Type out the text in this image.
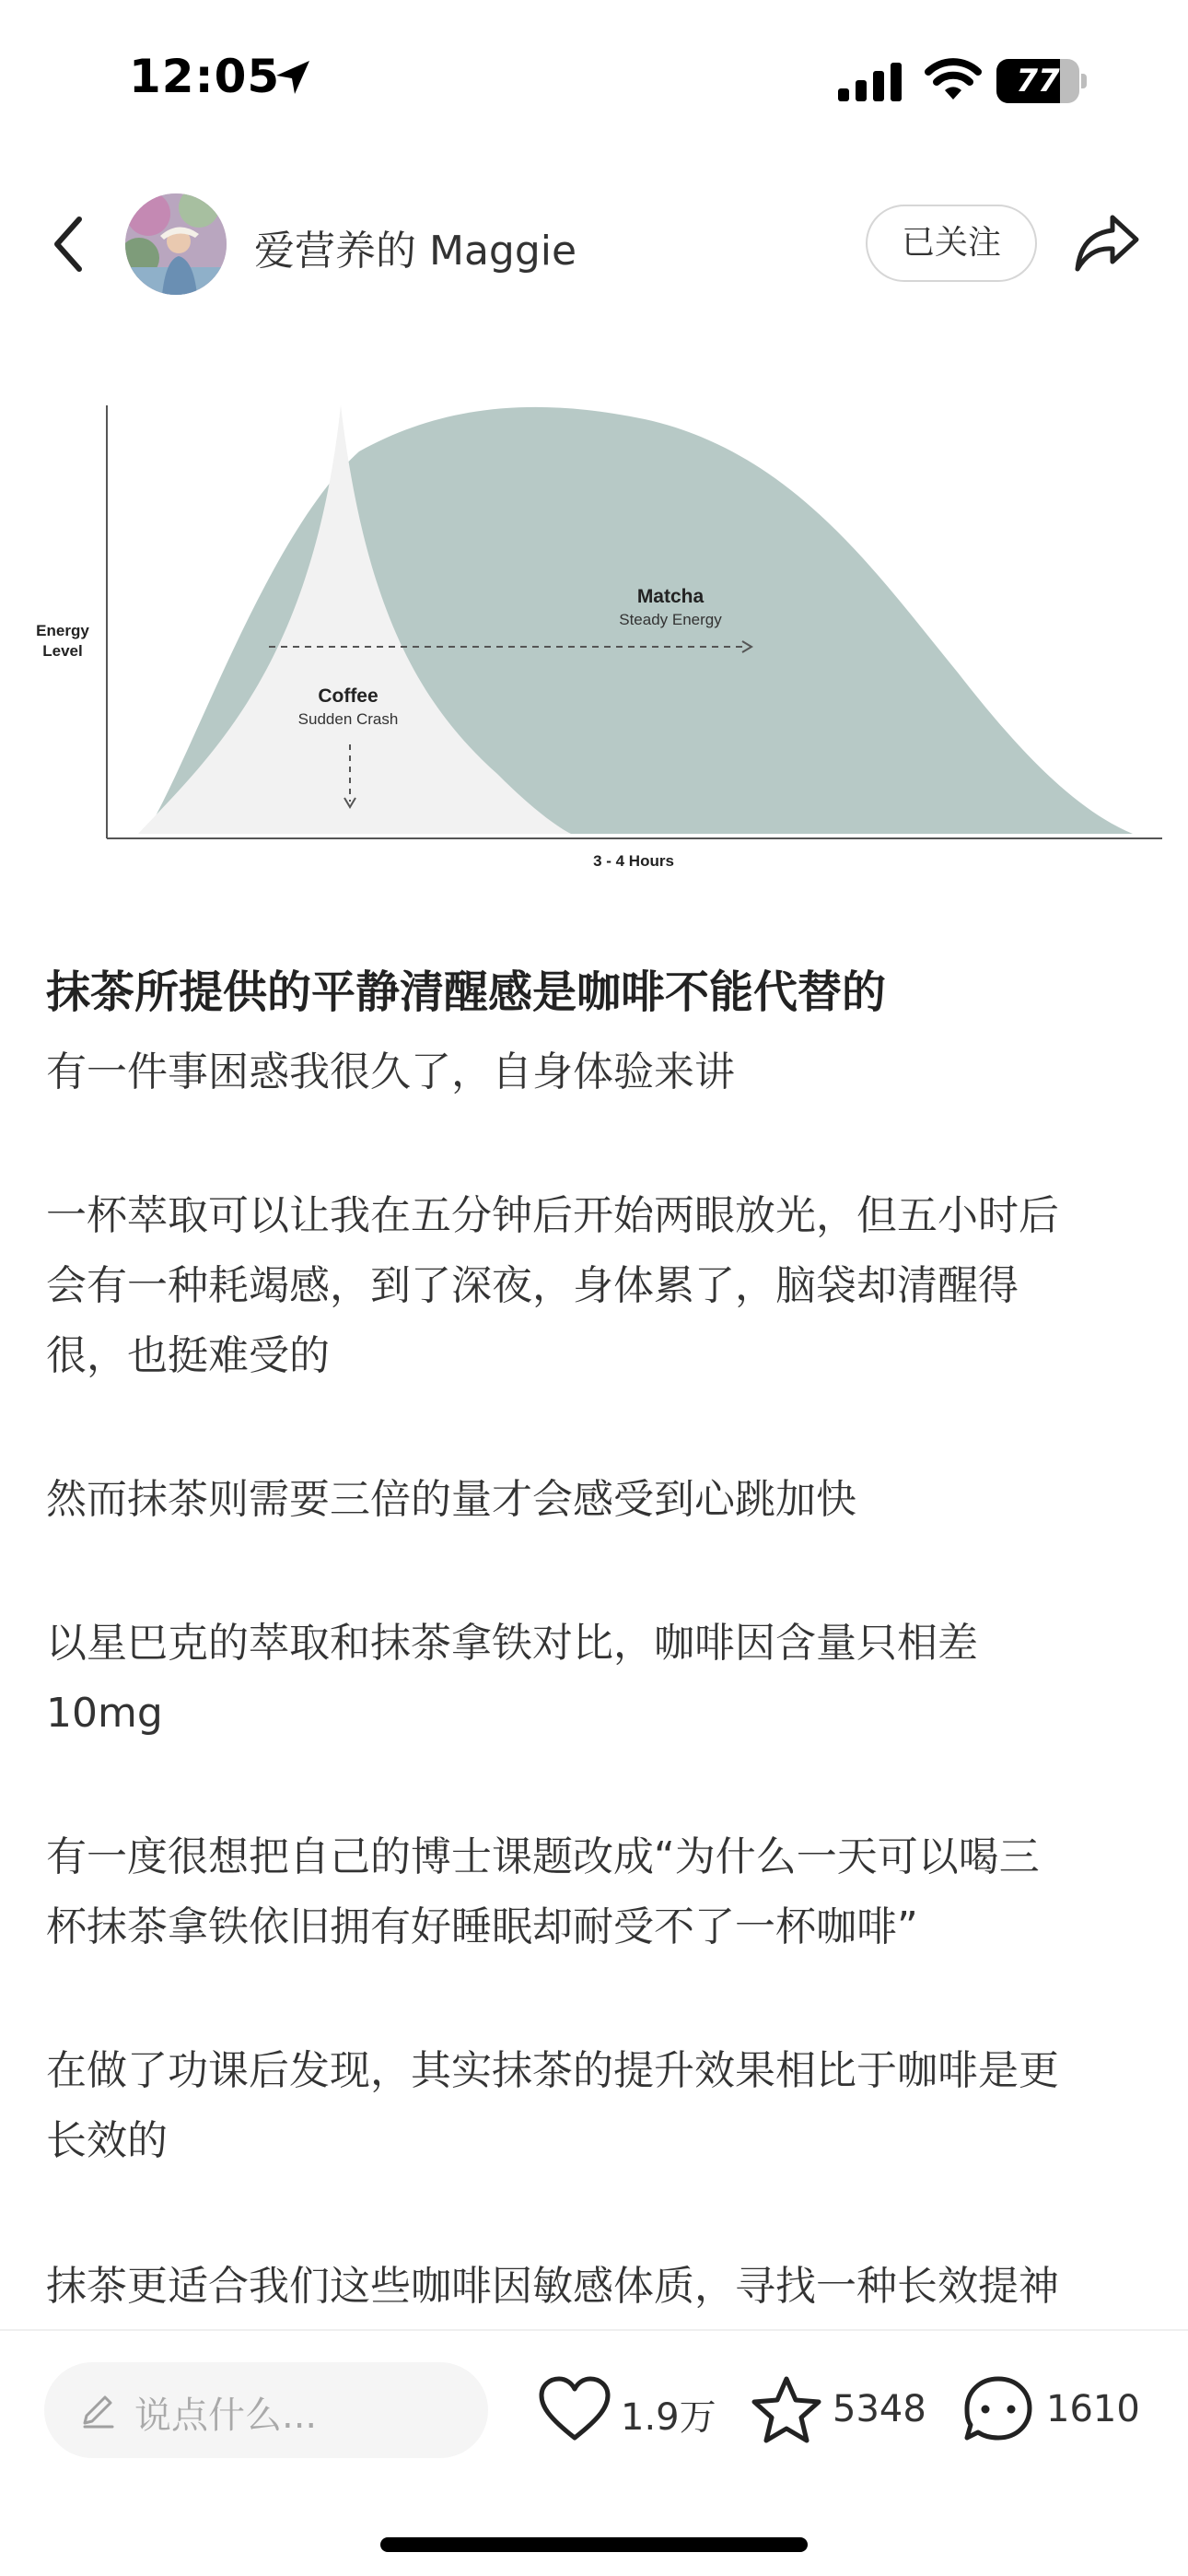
12:05	77
爱营养的 Maggie	已关注
Energy
Level
3 - 4 Hours
Matcha
Steady Energy
Coffee
Sudden Crash
抹茶所提供的平静清醒感是咖啡不能代替的
有一件事困惑我很久了，自身体验来讲
一杯萃取可以让我在五分钟后开始两眼放光，但五小时后
会有一种耗竭感，到了深夜，身体累了，脑袋却清醒得
很，也挺难受的
然而抹茶则需要三倍的量才会感受到心跳加快
以星巴克的萃取和抹茶拿铁对比，咖啡因含量只相差
10mg
有一度很想把自己的博士课题改成“为什么一天可以喝三
杯抹茶拿铁依旧拥有好睡眠却耐受不了一杯咖啡”
在做了功课后发现，其实抹茶的提升效果相比于咖啡是更
长效的
抹茶更适合我们这些咖啡因敏感体质，寻找一种长效提神
说点什么...	1.9万	5348	1610
